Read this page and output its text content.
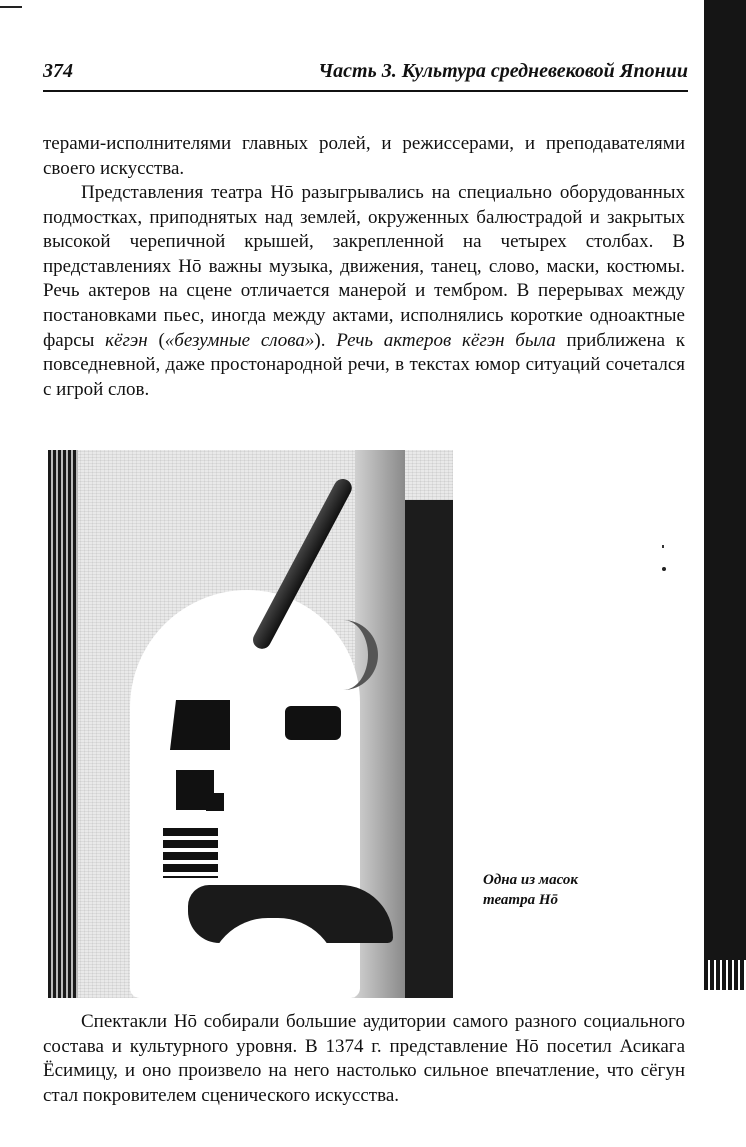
374	Часть 3. Культура средневековой Японии

терами-исполнителями главных ролей, и режиссерами, и преподавателями своего искусства.

Представления театра Нō разыгрывались на специально оборудованных подмостках, приподнятых над землей, окруженных балюстрадой и закрытых высокой черепичной крышей, закрепленной на четырех столбах. В представлениях Нō важны музыка, движения, танец, слово, маски, костюмы. Речь актеров на сцене отличается манерой и тембром. В перерывах между постановками пьес, иногда между актами, исполнялись короткие одноактные фарсы кёгэн («безумные слова»). Речь актеров кёгэн была приближена к повседневной, даже простонародной речи, в текстах юмор ситуаций сочетался с игрой слов.

Одна из масок
театра Нō

Спектакли Нō собирали большие аудитории самого разного социального состава и культурного уровня. В 1374 г. представление Нō посетил Асикага Ёсимицу, и оно произвело на него настолько сильное впечатление, что сёгун стал покровителем сценического искусства.
